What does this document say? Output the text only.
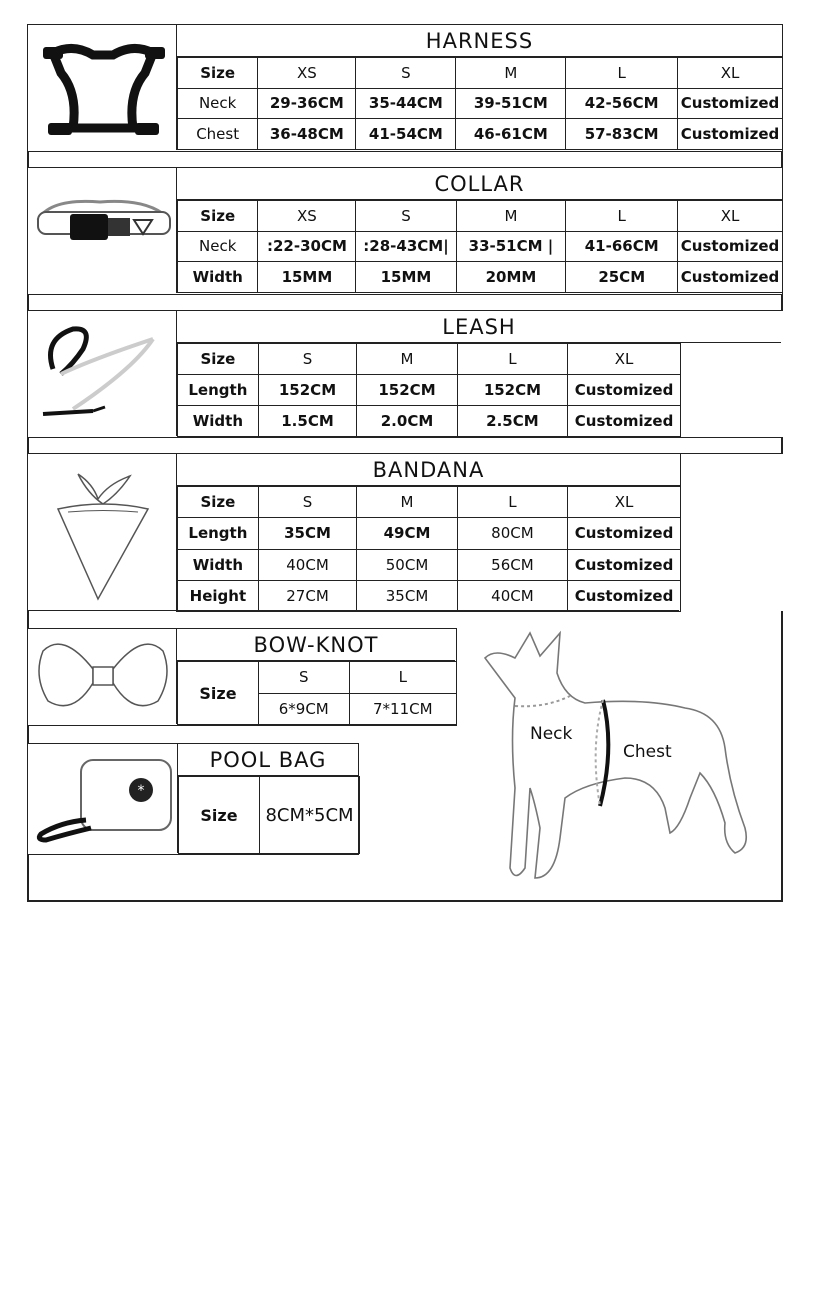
HARNESS
Size	XS	S	M	L	XL
Neck	29-36CM	35-44CM	39-51CM	42-56CM	Customized
Chest	36-48CM	41-54CM	46-61CM	57-83CM	Customized
COLLAR
Size	XS	S	M	L	XL
Neck	:22-30CM	:28-43CM|	33-51CM |	41-66CM	Customized
Width	15MM	15MM	20MM	25CM	Customized
LEASH
Size	S	M	L	XL
Length	152CM	152CM	152CM	Customized
Width	1.5CM	2.0CM	2.5CM	Customized
BANDANA
Size	S	M	L	XL
Length	35CM	49CM	80CM	Customized
Width	40CM	50CM	56CM	Customized
Height	27CM	35CM	40CM	Customized
BOW-KNOT
Size	S	L
	6*9CM	7*11CM
*
POOL BAG
Size	8CM*5CM
Neck
Chest
